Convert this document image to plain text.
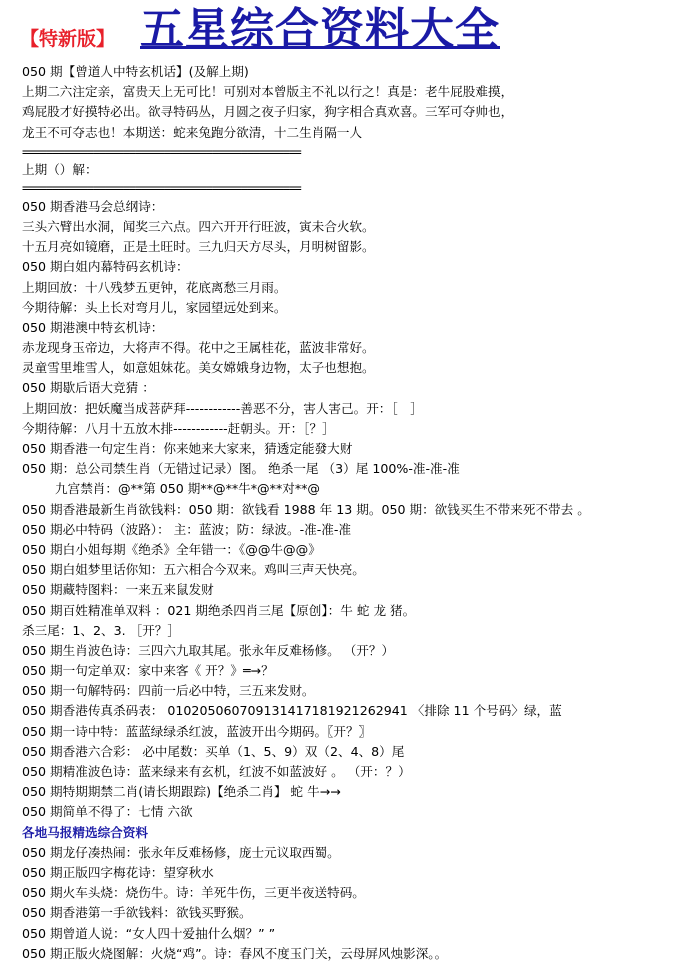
【特新版】 五星综合资料大全
050 期【曾道人中特玄机话】(及解上期)
上期二六注定亲，富贵天上无可比！可别对本曾版主不礼以行之！真是：老牛屁股难摸，
鸡屁股才好摸特必出。欲寻特码丛，月圆之夜子归家，狗字相合真欢喜。三军可夺帅也，
龙王不可夺志也！本期送：蛇来兔跑分欲清，十二生肖隔一人
===============================================
上期（）解：
===============================================
050 期香港马会总纲诗：
三头六臂出水洞，闻奖三六点。四六开开行旺波，寅未合火软。
十五月亮如镜磨，正是土旺时。三九归天方尽头，月明树留影。
050 期白姐内幕特码玄机诗：
上期回放：十八残梦五更钟，花底离愁三月雨。
今期待解：头上长对弯月儿，家园望远处到来。
050 期港澳中特玄机诗：
赤龙现身玉帝边，大将声不得。花中之王属桂花，蓝波非常好。
灵童雪里堆雪人，如意姐妹花。美女嫦娥身边物，太子也想抱。
050 期歇后语大竞猜 ：
上期回放：把妖魔当成菩萨拜------------善恶不分，害人害己。开：［　］
今期待解：八月十五放木排------------赶朝头。开：［？］
050 期香港一句定生肖：你来她来大家来，猜透定能發大财
050 期：总公司禁生肖（无错过记录）图。 绝杀一尾 （3）尾 100%-准-准-准
九宫禁肖：@**第 050 期**@**牛*@**对**@
050 期香港最新生肖欲钱料：050 期：欲钱看 1988 年 13 期。050 期：欲钱买生不带来死不带去 。
050 期必中特码（波路）： 主：蓝波；防：绿波。-准-准-准
050 期白小姐每期《绝杀》全年错一：《@@牛@@》
050 期白姐梦里话你知：五六相合今双来。鸡叫三声天快亮。
050 期藏特图料：一来五来鼠发财
050 期百姓精准单双料 ：021 期绝杀四肖三尾【原创】：牛 蛇 龙 猪。
杀三尾：1、2、3. ［开？］
050 期生肖波色诗：三四六九取其尾。张永年反难杨修。 （开？）
050 期一句定单双：家中来客《 开？》═→？
050 期一句解特码：四前一后必中特，三五来发财。
050 期香港传真杀码表： 01020506070913141718192126​2941 〈排除 11 个号码〉绿，蓝
050 期一诗中特：蓝蓝绿绿杀红波，蓝波开出今期码。〖开？〗
050 期香港六合彩： 必中尾数：买单（1、5、9）双（2、4、8）尾
050 期精准波色诗：蓝来绿来有玄机，红波不如蓝波好 。 （开：？）
050 期特期期禁二肖(请长期跟踪)【绝杀二肖】 蛇 牛→→
050 期简单不得了：七情 六欲
各地马报精选综合资料
050 期龙仔凑热闹：张永年反难杨修，庞士元议取西蜀。
050 期正版四字梅花诗：望穿秋水
050 期火车头烧：烧伤牛。诗：羊死牛伤，三更半夜送特码。
050 期香港第一手欲钱料：欲钱买野猴。
050 期曾道人说：“女人四十爱抽什么烟？” ”
050 期正版火烧图解：火烧“鸡”。诗：春风不度玉门关，云母屏风烛影深。。
